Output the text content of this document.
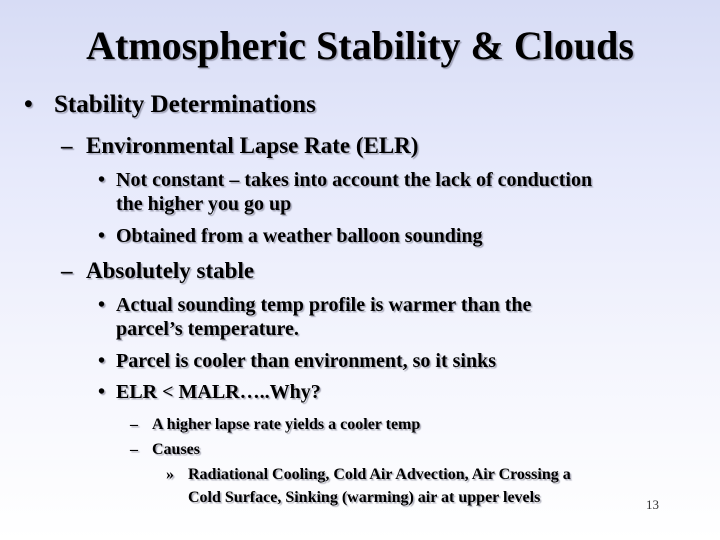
Atmospheric Stability & Clouds
• Stability Determinations
– Environmental Lapse Rate (ELR)
• Not constant – takes into account the lack of conduction
the higher you go up
• Obtained from a weather balloon sounding
– Absolutely stable
• Actual sounding temp profile is warmer than the
parcel’s temperature.
• Parcel is cooler than environment, so it sinks
• ELR < MALR…..Why?
– A higher lapse rate yields a cooler temp
– Causes
» Radiational Cooling, Cold Air Advection, Air Crossing a
Cold Surface, Sinking (warming) air at upper levels	13
